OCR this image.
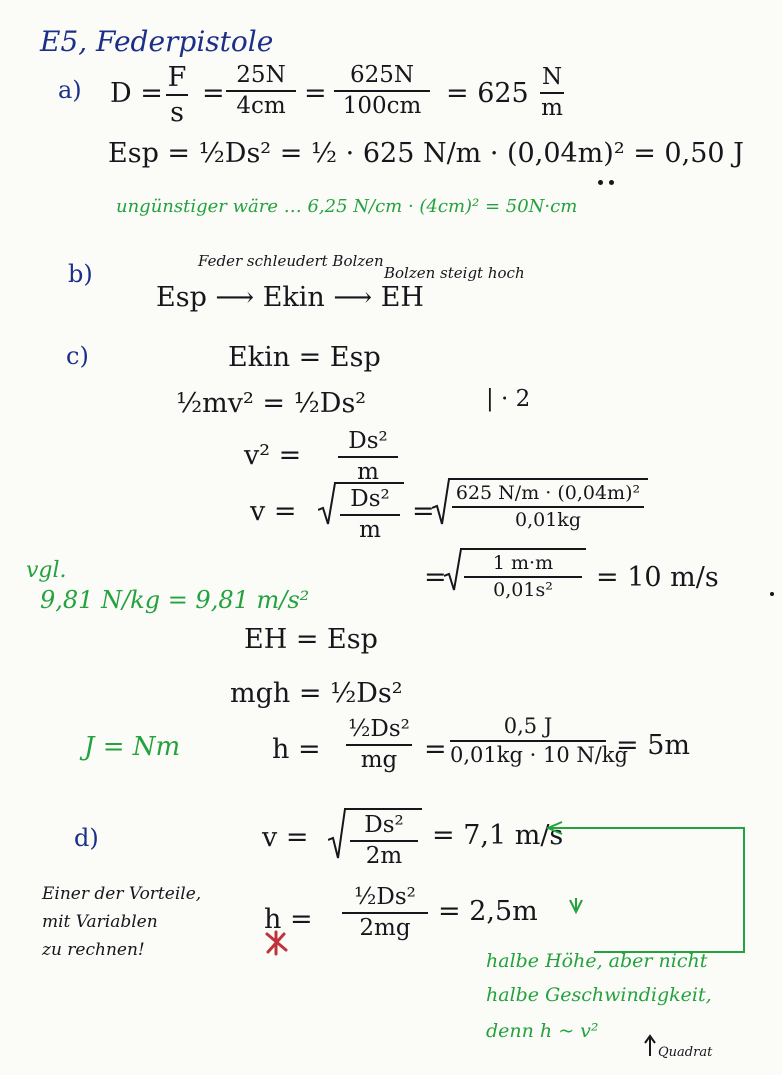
E5, Federpistole
a) D =
F
s
=
25N
4cm =
625N
100cm = 625
N
m
Esp = ½Ds² = ½ · 625 N/m · (0,04m)² = 0,50 J
ungünstiger wäre … 6,25 N/cm · (4cm)² = 50N·cm
b)	Feder schleudert Bolzen
Bolzen steigt hoch
Esp ⟶ Ekin ⟶ EH
c)	Ekin = Esp
½mv² = ½Ds²	| · 2
v² =	Ds²
m
v =	Ds²
m
=
625 N/m · (0,04m)²
0,01kg
=	1 m·m
0,01s²	= 10 m/s
vgl.
9,81 N/kg = 9,81 m/s²
EH = Esp
mgh = ½Ds²
J = Nm	h =
½Ds²
mg =
0,5 J
0,01kg · 10 N/kg
= 5m
d)	v =	Ds²
2m
= 7,1 m/s
h =
½Ds²
2mg
= 2,5m
Einer der Vorteile,
mit Variablen
zu rechnen!	halbe Höhe, aber nicht
halbe Geschwindigkeit,
denn h ~ v²
Quadrat
